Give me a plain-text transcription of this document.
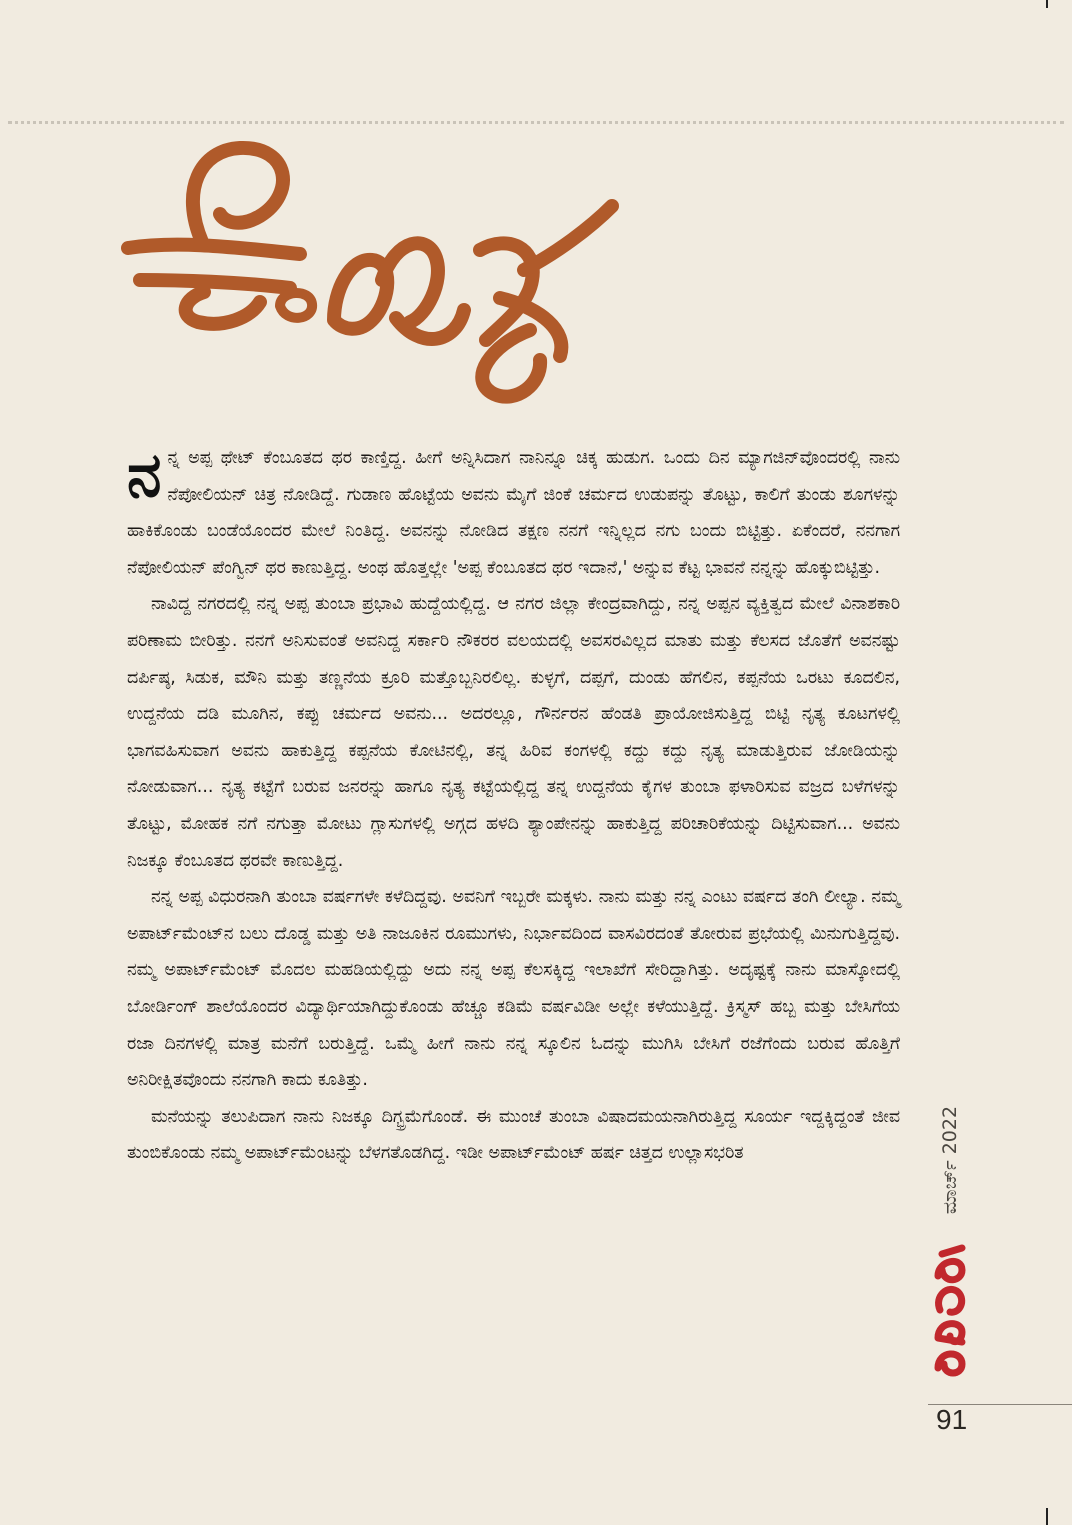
ನನ್ನ ಅಪ್ಪ ಥೇಟ್ ಕೆಂಬೂತದ ಥರ ಕಾಣ್ತಿದ್ದ. ಹೀಗೆ ಅನ್ನಿಸಿದಾಗ ನಾನಿನ್ನೂ ಚಿಕ್ಕ ಹುಡುಗ. ಒಂದು ದಿನ ಮ್ಯಾಗಜಿನ್‌ವೊಂದರಲ್ಲಿ ನಾನು ನೆಪೋಲಿಯನ್ ಚಿತ್ರ ನೋಡಿದ್ದೆ. ಗುಡಾಣ ಹೊಟ್ಟೆಯ ಅವನು ಮೈಗೆ ಜಿಂಕೆ ಚರ್ಮದ ಉಡುಪನ್ನು ತೊಟ್ಟು, ಕಾಲಿಗೆ ತುಂಡು ಶೂಗಳನ್ನು ಹಾಕಿಕೊಂಡು ಬಂಡೆಯೊಂದರ ಮೇಲೆ ನಿಂತಿದ್ದ. ಅವನನ್ನು ನೋಡಿದ ತಕ್ಷಣ ನನಗೆ ಇನ್ನಿಲ್ಲದ ನಗು ಬಂದು ಬಿಟ್ಟಿತ್ತು. ಏಕೆಂದರೆ, ನನಗಾಗ ನೆಪೋಲಿಯನ್ ಪೆಂಗ್ವಿನ್ ಥರ ಕಾಣುತ್ತಿದ್ದ. ಅಂಥ ಹೊತ್ತಲ್ಲೇ 'ಅಪ್ಪ ಕೆಂಬೂತದ ಥರ ಇದಾನೆ,' ಅನ್ನುವ ಕೆಟ್ಟ ಭಾವನೆ ನನ್ನನ್ನು ಹೊಕ್ಕುಬಿಟ್ಟಿತ್ತು.

ನಾವಿದ್ದ ನಗರದಲ್ಲಿ ನನ್ನ ಅಪ್ಪ ತುಂಬಾ ಪ್ರಭಾವಿ ಹುದ್ದೆಯಲ್ಲಿದ್ದ. ಆ ನಗರ ಜಿಲ್ಲಾ ಕೇಂದ್ರವಾಗಿದ್ದು, ನನ್ನ ಅಪ್ಪನ ವ್ಯಕ್ತಿತ್ವದ ಮೇಲೆ ವಿನಾಶಕಾರಿ ಪರಿಣಾಮ ಬೀರಿತ್ತು. ನನಗೆ ಅನಿಸುವಂತೆ ಅವನಿದ್ದ ಸರ್ಕಾರಿ ನೌಕರರ ವಲಯದಲ್ಲಿ ಅವಸರವಿಲ್ಲದ ಮಾತು ಮತ್ತು ಕೆಲಸದ ಜೊತೆಗೆ ಅವನಷ್ಟು ದರ್ಪಿಷ್ಠ, ಸಿಡುಕ, ಮೌನಿ ಮತ್ತು ತಣ್ಣನೆಯ ಕ್ರೂರಿ ಮತ್ತೊಬ್ಬನಿರಲಿಲ್ಲ. ಕುಳ್ಳಗೆ, ದಪ್ಪಗೆ, ದುಂಡು ಹೆಗಲಿನ, ಕಪ್ಪನೆಯ ಒರಟು ಕೂದಲಿನ, ಉದ್ದನೆಯ ದಡಿ ಮೂಗಿನ, ಕಪ್ಪು ಚರ್ಮದ ಅವನು... ಅದರಲ್ಲೂ, ಗೌರ್ನರನ ಹೆಂಡತಿ ಪ್ರಾಯೋಜಿಸುತ್ತಿದ್ದ ಬಿಟ್ಟಿ ನೃತ್ಯ ಕೂಟಗಳಲ್ಲಿ ಭಾಗವಹಿಸುವಾಗ ಅವನು ಹಾಕುತ್ತಿದ್ದ ಕಪ್ಪನೆಯ ಕೋಟಿನಲ್ಲಿ, ತನ್ನ ಹಿರಿವ ಕಂಗಳಲ್ಲಿ ಕದ್ದು ಕದ್ದು ನೃತ್ಯ ಮಾಡುತ್ತಿರುವ ಜೋಡಿಯನ್ನು ನೋಡುವಾಗ... ನೃತ್ಯ ಕಟ್ಟೆಗೆ ಬರುವ ಜನರನ್ನು ಹಾಗೂ ನೃತ್ಯ ಕಟ್ಟೆಯಲ್ಲಿದ್ದ ತನ್ನ ಉದ್ದನೆಯ ಕೈಗಳ ತುಂಬಾ ಫಳಾರಿಸುವ ವಜ್ರದ ಬಳೆಗಳನ್ನು ತೊಟ್ಟು, ಮೋಹಕ ನಗೆ ನಗುತ್ತಾ ಮೋಟು ಗ್ಲಾಸುಗಳಲ್ಲಿ ಅಗ್ಗದ ಹಳದಿ ಶ್ಯಾಂಪೇನನ್ನು ಹಾಕುತ್ತಿದ್ದ ಪರಿಚಾರಿಕೆಯನ್ನು ದಿಟ್ಟಿಸುವಾಗ... ಅವನು ನಿಜಕ್ಕೂ ಕೆಂಬೂತದ ಥರವೇ ಕಾಣುತ್ತಿದ್ದ.

ನನ್ನ ಅಪ್ಪ ವಿಧುರನಾಗಿ ತುಂಬಾ ವರ್ಷಗಳೇ ಕಳೆದಿದ್ದವು. ಅವನಿಗೆ ಇಬ್ಬರೇ ಮಕ್ಕಳು. ನಾನು ಮತ್ತು ನನ್ನ ಎಂಟು ವರ್ಷದ ತಂಗಿ ಲೀಲ್ಯಾ. ನಮ್ಮ ಅಪಾರ್ಟ್‌ಮೆಂಟ್‌ನ ಬಲು ದೊಡ್ಡ ಮತ್ತು ಅತಿ ನಾಜೂಕಿನ ರೂಮುಗಳು, ನಿರ್ಭಾವದಿಂದ ವಾಸವಿರದಂತೆ ತೋರುವ ಪ್ರಭೆಯಲ್ಲಿ ಮಿನುಗುತ್ತಿದ್ದವು. ನಮ್ಮ ಅಪಾರ್ಟ್‌ಮೆಂಟ್ ಮೊದಲ ಮಹಡಿಯಲ್ಲಿದ್ದು ಅದು ನನ್ನ ಅಪ್ಪ ಕೆಲಸಕ್ಕಿದ್ದ ಇಲಾಖೆಗೆ ಸೇರಿದ್ದಾಗಿತ್ತು. ಅದೃಷ್ಟಕ್ಕೆ ನಾನು ಮಾಸ್ಕೋದಲ್ಲಿ ಬೋರ್ಡಿಂಗ್ ಶಾಲೆಯೊಂದರ ವಿದ್ಯಾರ್ಥಿಯಾಗಿದ್ದುಕೊಂಡು ಹೆಚ್ಚೂ ಕಡಿಮೆ ವರ್ಷವಿಡೀ ಅಲ್ಲೇ ಕಳೆಯುತ್ತಿದ್ದೆ. ಕ್ರಿಸ್ಮಸ್ ಹಬ್ಬ ಮತ್ತು ಬೇಸಿಗೆಯ ರಜಾ ದಿನಗಳಲ್ಲಿ ಮಾತ್ರ ಮನೆಗೆ ಬರುತ್ತಿದ್ದೆ. ಒಮ್ಮೆ ಹೀಗೆ ನಾನು ನನ್ನ ಸ್ಕೂಲಿನ ಓದನ್ನು ಮುಗಿಸಿ ಬೇಸಿಗೆ ರಜೆಗೆಂದು ಬರುವ ಹೊತ್ತಿಗೆ ಅನಿರೀಕ್ಷಿತವೊಂದು ನನಗಾಗಿ ಕಾದು ಕೂತಿತ್ತು.

ಮನೆಯನ್ನು ತಲುಪಿದಾಗ ನಾನು ನಿಜಕ್ಕೂ ದಿಗ್ಭ್ರಮೆಗೊಂಡೆ. ಈ ಮುಂಚೆ ತುಂಬಾ ವಿಷಾದಮಯನಾಗಿರುತ್ತಿದ್ದ ಸೂರ್ಯ ಇದ್ದಕ್ಕಿದ್ದಂತೆ ಜೀವ ತುಂಬಿಕೊಂಡು ನಮ್ಮ ಅಪಾರ್ಟ್‌ಮೆಂಟನ್ನು ಬೆಳಗತೊಡಗಿದ್ದ. ಇಡೀ ಅಪಾರ್ಟ್‌ಮೆಂಟ್ ಹರ್ಷ ಚಿತ್ತದ ಉಲ್ಲಾಸಭರಿತ	ಮಾರ್ಚ್ 2022
91
